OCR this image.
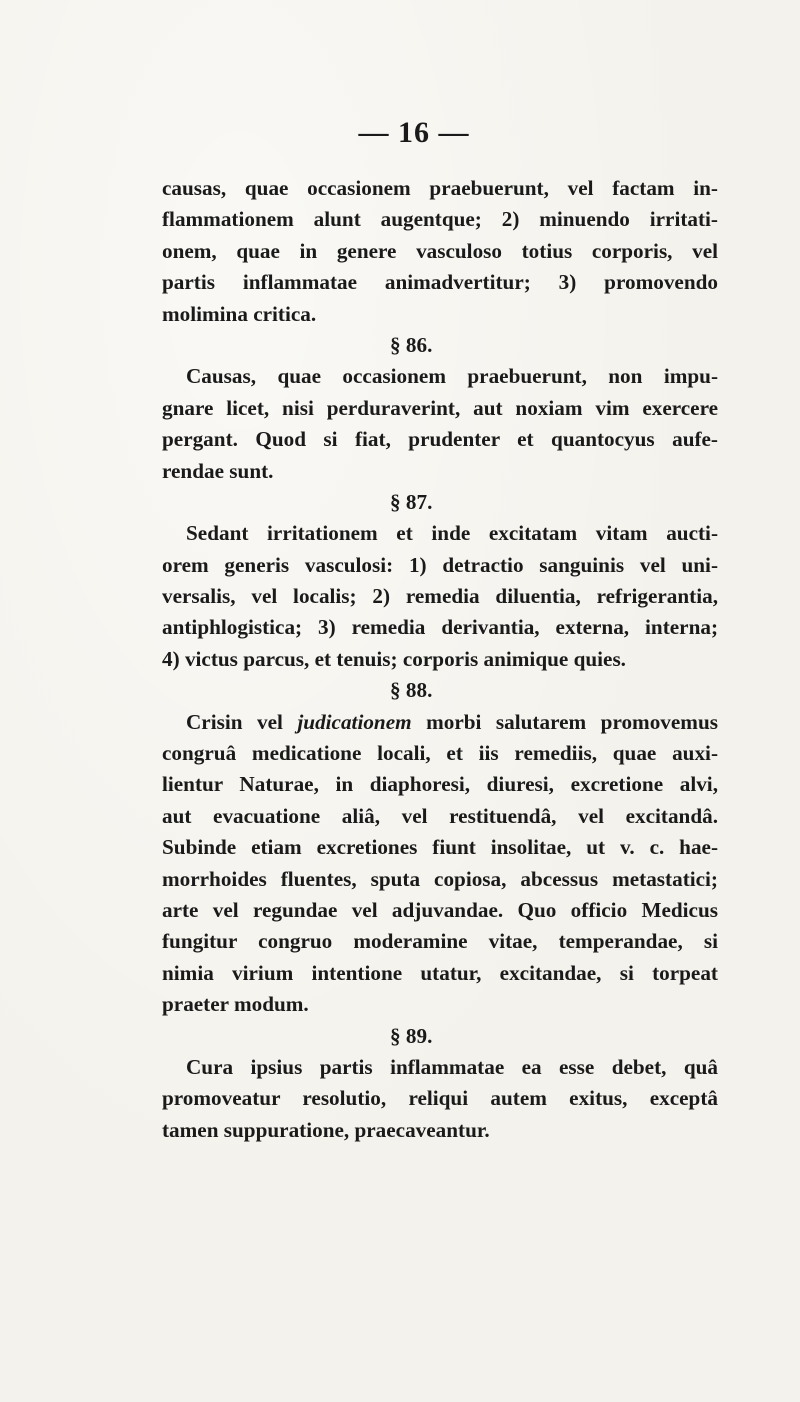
— 16 —
causas, quae occasionem praebuerunt, vel factam in-
flammationem alunt augentque; 2) minuendo irritati-
onem, quae in genere vasculoso totius corporis, vel
partis inflammatae animadvertitur; 3) promovendo
molimina critica.
§ 86.
Causas, quae occasionem praebuerunt, non impu-
gnare licet, nisi perduraverint, aut noxiam vim exercere
pergant. Quod si fiat, prudenter et quantocyus aufe-
rendae sunt.
§ 87.
Sedant irritationem et inde excitatam vitam aucti-
orem generis vasculosi: 1) detractio sanguinis vel uni-
versalis, vel localis; 2) remedia diluentia, refrigerantia,
antiphlogistica; 3) remedia derivantia, externa, interna;
4) victus parcus, et tenuis; corporis animique quies.
§ 88.
Crisin vel judicationem morbi salutarem promovemus
congruâ medicatione locali, et iis remediis, quae auxi-
lientur Naturae, in diaphoresi, diuresi, excretione alvi,
aut evacuatione aliâ, vel restituendâ, vel excitandâ.
Subinde etiam excretiones fiunt insolitae, ut v. c. hae-
morrhoides fluentes, sputa copiosa, abcessus metastatici;
arte vel regundae vel adjuvandae. Quo officio Medicus
fungitur congruo moderamine vitae, temperandae, si
nimia virium intentione utatur, excitandae, si torpeat
praeter modum.
§ 89.
Cura ipsius partis inflammatae ea esse debet, quâ
promoveatur resolutio, reliqui autem exitus, exceptâ
tamen suppuratione, praecaveantur.
